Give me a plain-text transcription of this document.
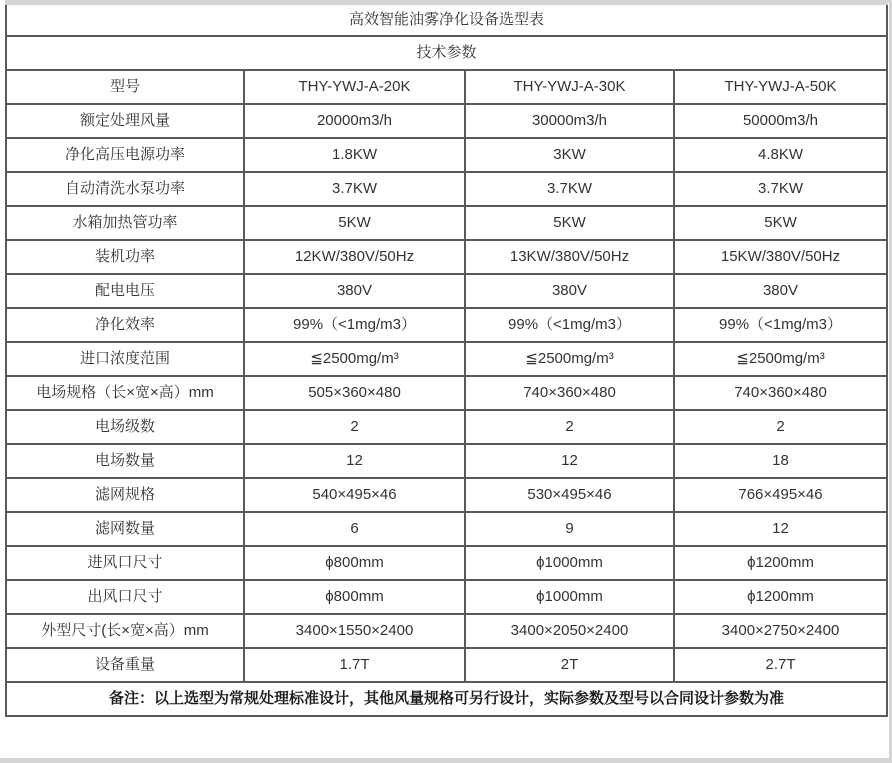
高效智能油雾净化设备选型表			
技术参数			
型号	THY-YWJ-A-20K	THY-YWJ-A-30K	THY-YWJ-A-50K
额定处理风量	20000m3/h	30000m3/h	50000m3/h
净化高压电源功率	1.8KW	3KW	4.8KW
自动清洗水泵功率	3.7KW	3.7KW	3.7KW
水箱加热管功率	5KW	5KW	5KW
装机功率	12KW/380V/50Hz	13KW/380V/50Hz	15KW/380V/50Hz
配电电压	380V	380V	380V
净化效率	99%（<1mg/m3）	99%（<1mg/m3）	99%（<1mg/m3）
进口浓度范围	≦2500mg/m³	≦2500mg/m³	≦2500mg/m³
电场规格（长×宽×高）mm	505×360×480	740×360×480	740×360×480
电场级数	2	2	2
电场数量	12	12	18
滤网规格	540×495×46	530×495×46	766×495×46
滤网数量	6	9	12
进风口尺寸	ϕ800mm	ϕ1000mm	ϕ1200mm
出风口尺寸	ϕ800mm	ϕ1000mm	ϕ1200mm
外型尺寸(长×宽×高）mm	3400×1550×2400	3400×2050×2400	3400×2750×2400
设备重量	1.7T	2T	2.7T
备注：以上选型为常规处理标准设计，其他风量规格可另行设计，实际参数及型号以合同设计参数为准			
